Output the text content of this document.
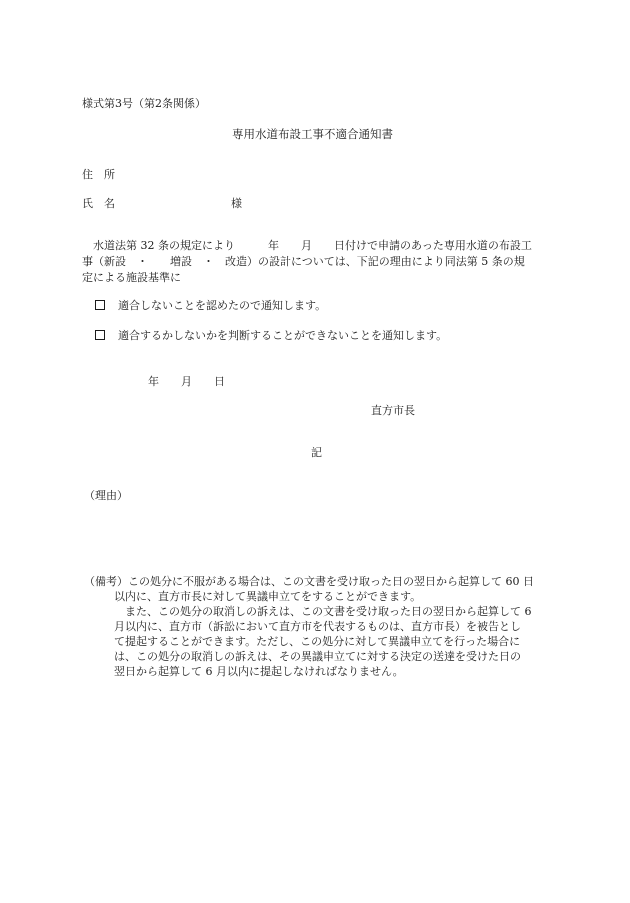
様式第3号（第2条関係）
専用水道布設工事不適合通知書
住　所
氏　名	様
水道法第 32 条の規定により　　　年　　月　　日付けで申請のあった専用水道の布設工
事（新設　・　　増設　・　改造）の設計については、下記の理由により同法第 5 条の規
定による施設基準に
適合しないことを認めたので通知します。
適合するかしないかを判断することができないことを通知します。
年　　月　　日
直方市長
記
（理由）
（備考）この処分に不服がある場合は、この文書を受け取った日の翌日から起算して 60 日
以内に、直方市長に対して異議申立てをすることができます。
また、この処分の取消しの訴えは、この文書を受け取った日の翌日から起算して 6
月以内に、直方市（訴訟において直方市を代表するものは、直方市長）を被告とし
て提起することができます。ただし、この処分に対して異議申立てを行った場合に
は、この処分の取消しの訴えは、その異議申立てに対する決定の送達を受けた日の
翌日から起算して 6 月以内に提起しなければなりません。
